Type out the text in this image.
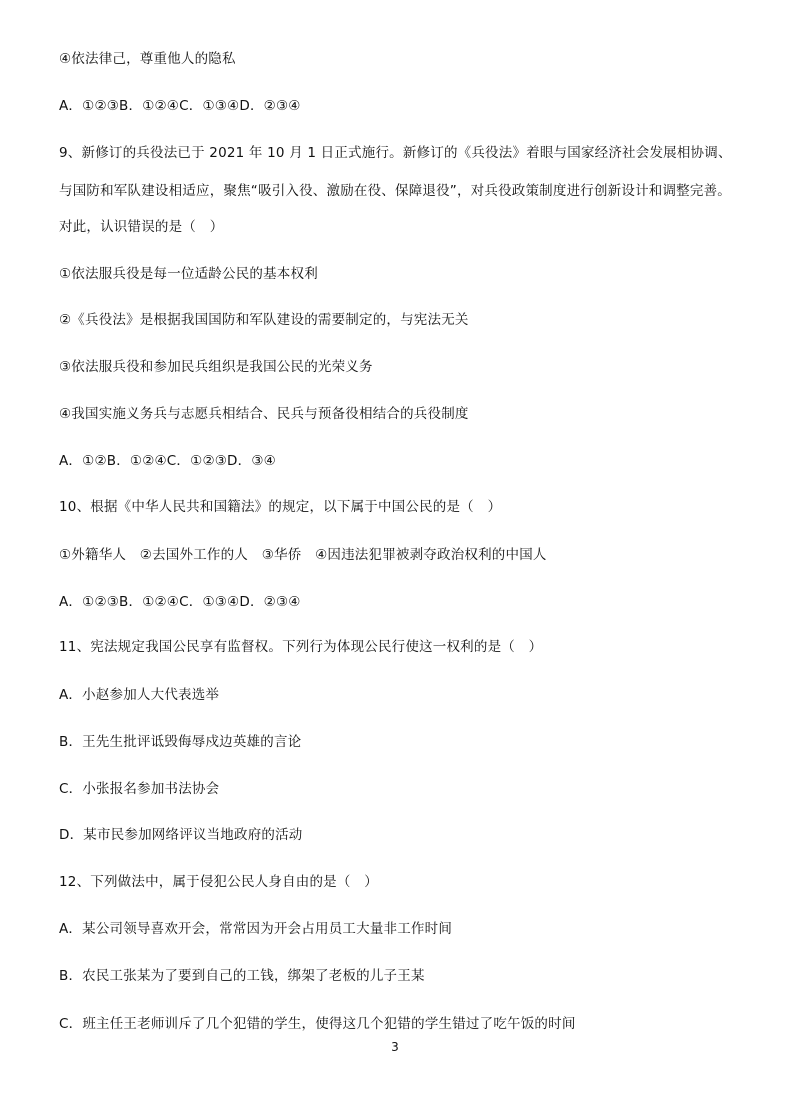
④依法律己，尊重他人的隐私
A．①②③B．①②④C．①③④D．②③④
9、新修订的兵役法已于 2021 年 10 月 1 日正式施行。新修订的《兵役法》着眼与国家经济社会发展相协调、
与国防和军队建设相适应，聚焦“吸引入役、激励在役、保障退役”，对兵役政策制度进行创新设计和调整完善。
对此，认识错误的是（　）
①依法服兵役是每一位适龄公民的基本权利
②《兵役法》是根据我国国防和军队建设的需要制定的，与宪法无关
③依法服兵役和参加民兵组织是我国公民的光荣义务
④我国实施义务兵与志愿兵相结合、民兵与预备役相结合的兵役制度
A．①②B．①②④C．①②③D．③④
10、根据《中华人民共和国籍法》的规定，以下属于中国公民的是（　）
①外籍华人　②去国外工作的人　③华侨　④因违法犯罪被剥夺政治权利的中国人
A．①②③B．①②④C．①③④D．②③④
11、宪法规定我国公民享有监督权。下列行为体现公民行使这一权利的是（　）
A．小赵参加人大代表选举
B．王先生批评诋毁侮辱戍边英雄的言论
C．小张报名参加书法协会
D．某市民参加网络评议当地政府的活动
12、下列做法中，属于侵犯公民人身自由的是（　）
A．某公司领导喜欢开会，常常因为开会占用员工大量非工作时间
B．农民工张某为了要到自己的工钱，绑架了老板的儿子王某
C．班主任王老师训斥了几个犯错的学生，使得这几个犯错的学生错过了吃午饭的时间
3
